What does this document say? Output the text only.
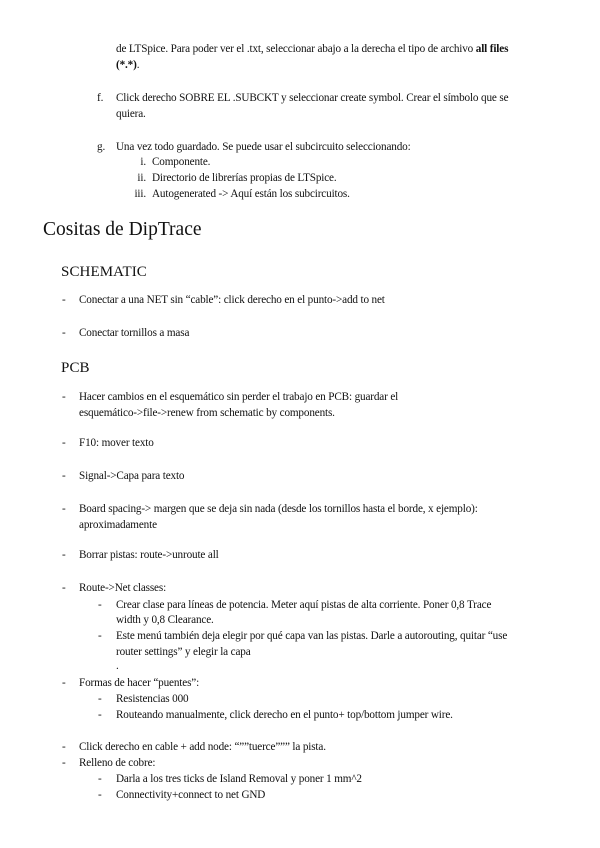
de LTSpice. Para poder ver el .txt, seleccionar abajo a la derecha el tipo de archivo all files
(*.*).
f. Click derecho SOBRE EL .SUBCKT y seleccionar create symbol. Crear el símbolo que se
quiera.
g. Una vez todo guardado. Se puede usar el subcircuito seleccionando:
i. Componente.
ii. Directorio de librerías propias de LTSpice.
iii. Autogenerated -> Aquí están los subcircuitos.
Cositas de DipTrace
SCHEMATIC
- Conectar a una NET sin “cable”: click derecho en el punto->add to net
- Conectar tornillos a masa
PCB
- Hacer cambios en el esquemático sin perder el trabajo en PCB: guardar el
esquemático->file->renew from schematic by components.
- F10: mover texto
- Signal->Capa para texto
- Board spacing-> margen que se deja sin nada (desde los tornillos hasta el borde, x ejemplo):
aproximadamente
- Borrar pistas: route->unroute all
- Route->Net classes:
- Crear clase para líneas de potencia. Meter aquí pistas de alta corriente. Poner 0,8 Trace
width y 0,8 Clearance.
- Este menú también deja elegir por qué capa van las pistas. Darle a autorouting, quitar “use
router settings” y elegir la capa
.
- Formas de hacer “puentes”:
- Resistencias 000
- Routeando manualmente, click derecho en el punto+ top/bottom jumper wire.
- Click derecho en cable + add node: “””tuerce””” la pista.
- Relleno de cobre:
- Darla a los tres ticks de Island Removal y poner 1 mm^2
- Connectivity+connect to net GND
